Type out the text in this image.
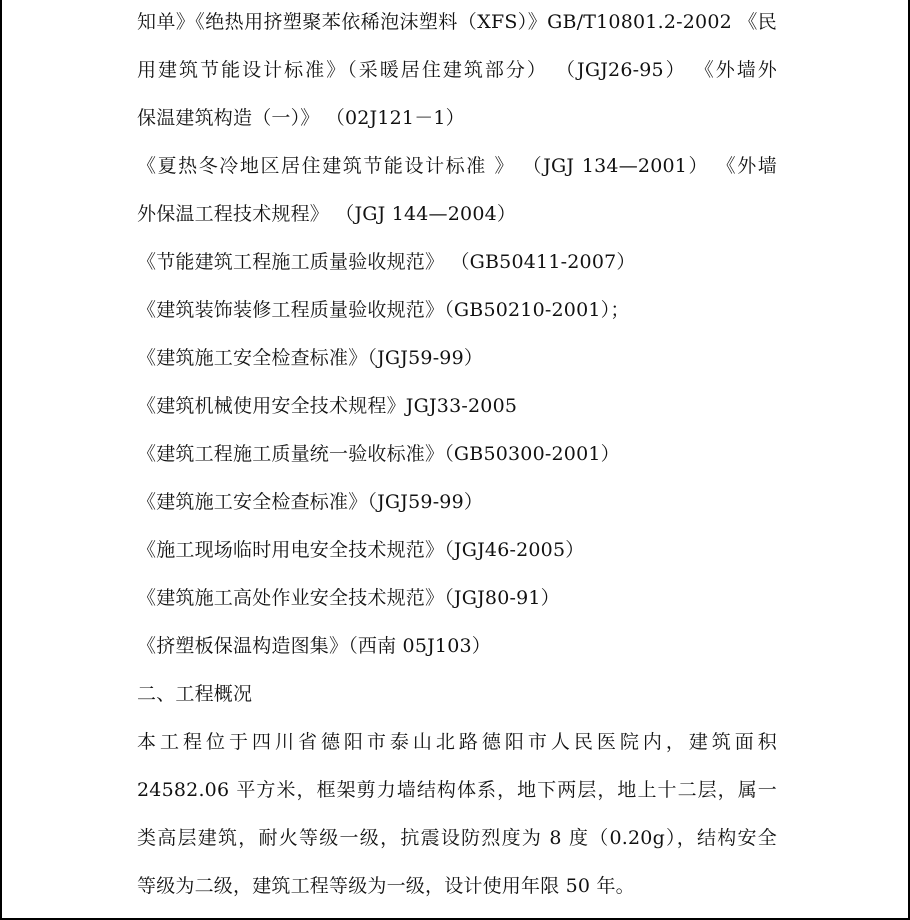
知单》《绝热用挤塑聚苯依稀泡沫塑料（XFS）》GB/T10801.2-2002 《民
用建筑节能设计标准》（采暖居住建筑部分） （JGJ26-95） 《外墙外
保温建筑构造（一）》 （02J121－1）
《夏热冬冷地区居住建筑节能设计标准 》 （JGJ 134—2001） 《外墙
外保温工程技术规程》 （JGJ 144—2004）
《节能建筑工程施工质量验收规范》 （GB50411-2007）
《建筑装饰装修工程质量验收规范》（GB50210-2001）；
《建筑施工安全检查标准》（JGJ59-99）
《建筑机械使用安全技术规程》JGJ33-2005
《建筑工程施工质量统一验收标准》（GB50300-2001）
《建筑施工安全检查标准》（JGJ59-99）
《施工现场临时用电安全技术规范》（JGJ46-2005）
《建筑施工高处作业安全技术规范》（JGJ80-91）
《挤塑板保温构造图集》（西南 05J103）
二、工程概况
本工程位于四川省德阳市泰山北路德阳市人民医院内，建筑面积
24582.06 平方米，框架剪力墙结构体系，地下两层，地上十二层，属一
类高层建筑，耐火等级一级，抗震设防烈度为 8 度（0.20g），结构安全
等级为二级，建筑工程等级为一级，设计使用年限 50 年。
